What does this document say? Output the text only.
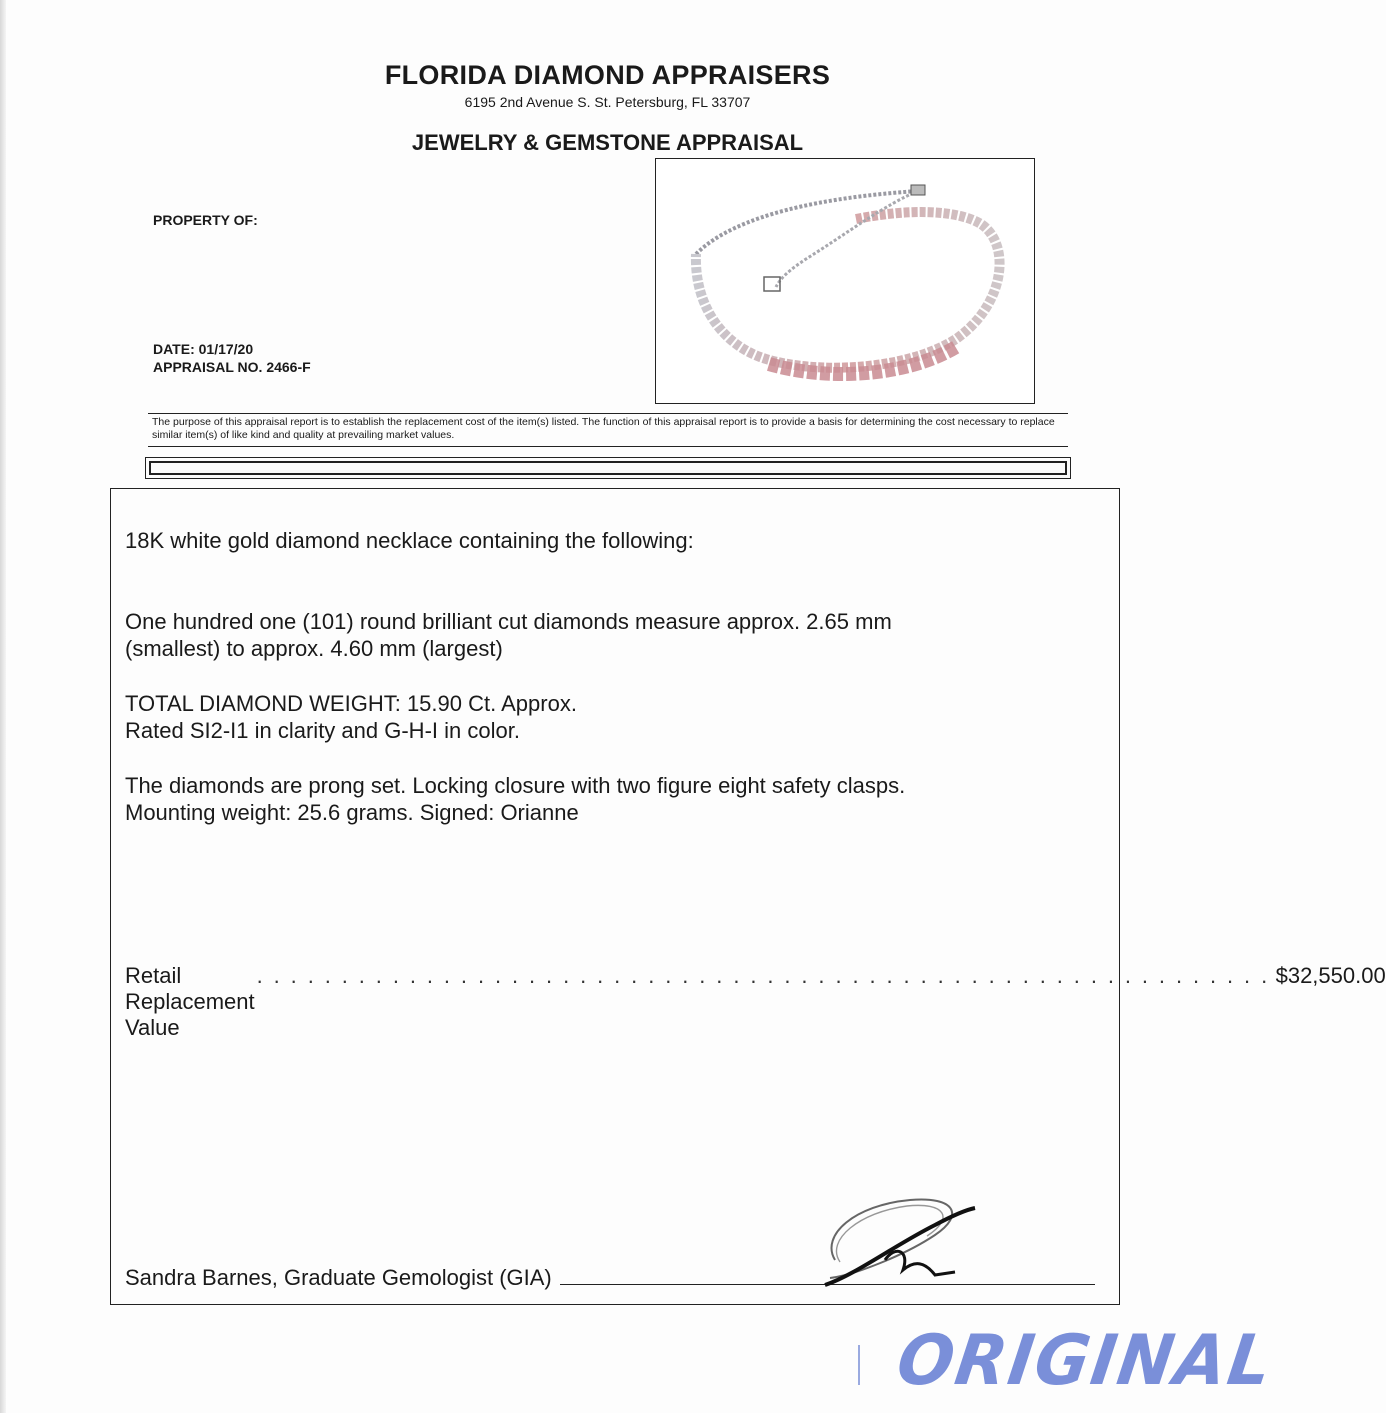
FLORIDA DIAMOND APPRAISERS
6195 2nd Avenue S. St. Petersburg, FL 33707
JEWELRY & GEMSTONE APPRAISAL
PROPERTY OF:
DATE: 01/17/20
APPRAISAL NO. 2466-F
The purpose of this appraisal report is to establish the replacement cost of the item(s) listed. The function of this appraisal report is to provide a basis for determining the cost necessary to replace similar item(s) of like kind and quality at prevailing market values.
18K white gold diamond necklace containing the following:
One hundred one (101) round brilliant cut diamonds measure approx. 2.65 mm
(smallest) to approx. 4.60 mm (largest)
TOTAL DIAMOND WEIGHT: 15.90 Ct. Approx.
Rated SI2-I1 in clarity and G-H-I in color.
The diamonds are prong set. Locking closure with two figure eight safety clasps.
Mounting weight: 25.6 grams. Signed: Orianne
Retail Replacement Value
. . . . . . . . . . . . . . . . . . . . . . . . . . . . . . . . . . . . . . . . . . . . . . . . . . . . . . . . . . . . $32,550.00
Sandra Barnes, Graduate Gemologist (GIA)
ORIGINAL
